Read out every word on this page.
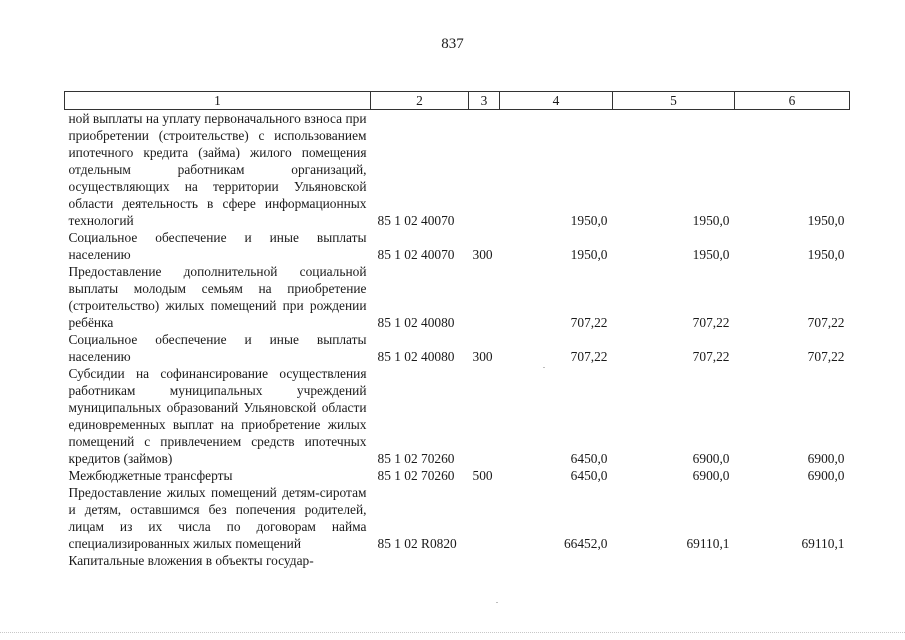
837
1	2	3	4	5	6
ной выплаты на уплату первоначального взноса при приобретении (строительстве) с использованием ипотечного кредита (займа) жилого помещения отдельным работникам организаций, осуществляющих на территории Ульяновской области деятельность в сфере информационных технологий	85 1 02 40070		1950,0	1950,0	1950,0
Социальное обеспечение и иные выплаты населению	85 1 02 40070	300	1950,0	1950,0	1950,0
Предоставление дополнительной социальной выплаты молодым семьям на приобретение (строительство) жилых помещений при рождении ребёнка	85 1 02 40080		707,22	707,22	707,22
Социальное обеспечение и иные выплаты населению	85 1 02 40080	300	707,22	707,22	707,22
Субсидии на софинансирование осуществления работникам муниципальных учреждений муниципальных образований Ульяновской области единовременных выплат на приобретение жилых помещений с привлечением средств ипотечных кредитов (займов)	85 1 02 70260		6450,0	6900,0	6900,0
Межбюджетные трансферты	85 1 02 70260	500	6450,0	6900,0	6900,0
Предоставление жилых помещений детям-сиротам и детям, оставшимся без попечения родителей, лицам из их числа по договорам найма специализированных жилых помещений	85 1 02 R0820		66452,0	69110,1	69110,1
Капитальные вложения в объекты государ-					
